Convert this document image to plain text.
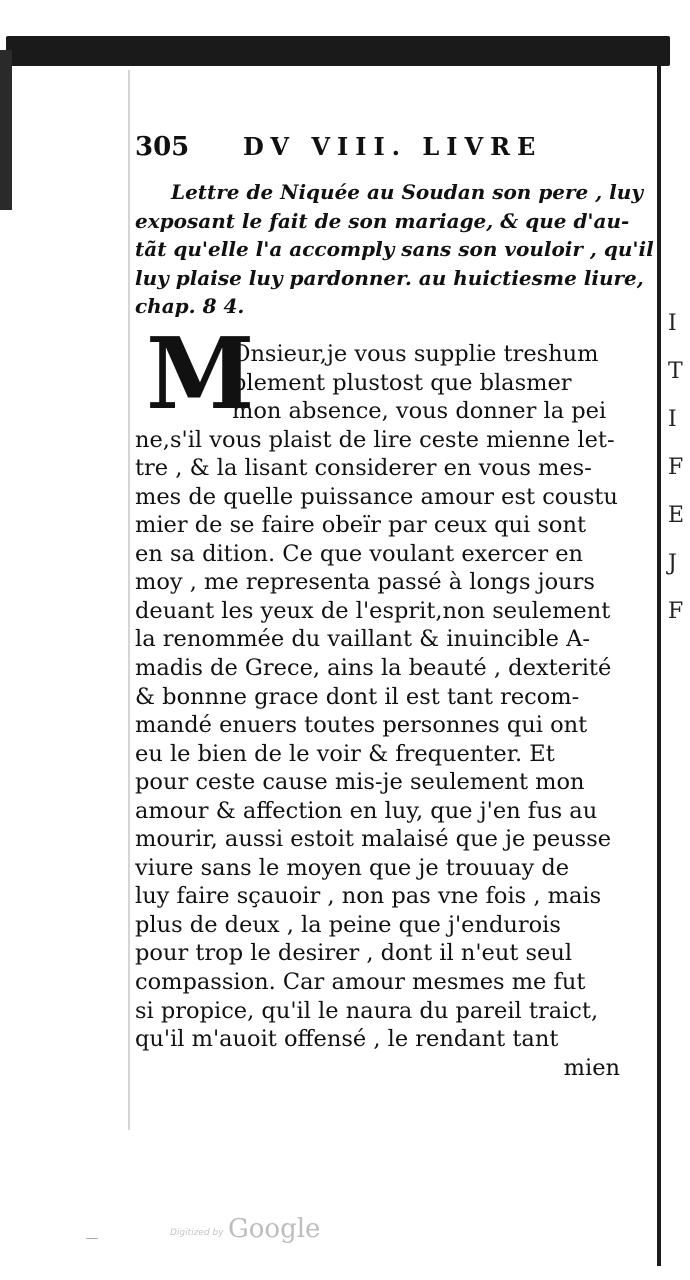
I
T
I
F
E
J
F
305 DV VIII. LIVRE
Lettre de Niquée au Soudan son pere , luy
exposant le fait de son mariage, & que d'au-
tãt qu'elle l'a accomply sans son vouloir , qu'il
luy plaise luy pardonner. au huictiesme liure,
chap. 8 4.
M
Onsieur,je vous supplie treshum
blement plustost que blasmer
mon absence, vous donner la pei
ne,s'il vous plaist de lire ceste mienne let-
tre , & la lisant considerer en vous mes-
mes de quelle puissance amour est coustu
mier de se faire obeïr par ceux qui sont
en sa dition. Ce que voulant exercer en
moy , me representa passé à longs jours
deuant les yeux de l'esprit,non seulement
la renommée du vaillant & inuincible A-
madis de Grece, ains la beauté , dexterité
& bonnne grace dont il est tant recom-
mandé enuers toutes personnes qui ont
eu le bien de le voir & frequenter. Et
pour ceste cause mis-je seulement mon
amour & affection en luy, que j'en fus au
mourir, aussi estoit malaisé que je peusse
viure sans le moyen que je trouuay de
luy faire sçauoir , non pas vne fois , mais
plus de deux , la peine que j'endurois
pour trop le desirer , dont il n'eut seul
compassion. Car amour mesmes me fut
si propice, qu'il le naura du pareil traict,
qu'il m'auoit offensé , le rendant tant
mien
Digitized by Google
